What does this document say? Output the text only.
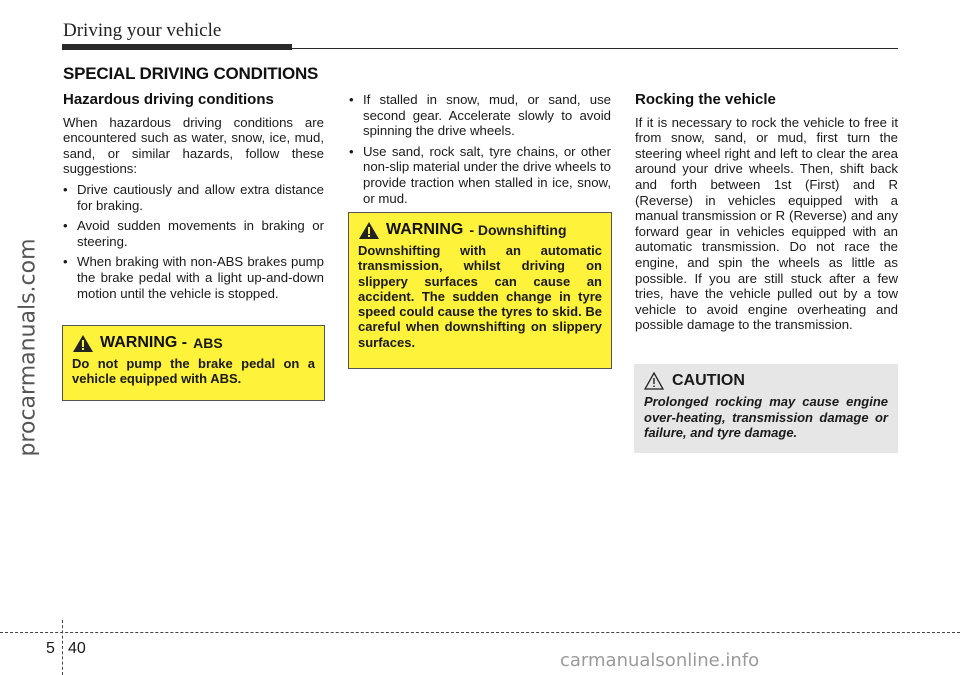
Driving your vehicle
SPECIAL DRIVING CONDITIONS
procarmanuals.com
Hazardous driving conditions

When hazardous driving conditions are encountered such as water, snow, ice, mud, sand, or similar hazards, follow these suggestions:

• Drive cautiously and allow extra distance for braking.
• Avoid sudden movements in braking or steering.
• When braking with non-ABS brakes pump the brake pedal with a light up-and-down motion until the vehicle is stopped.
WARNING - ABS

Do not pump the brake pedal on a vehicle equipped with ABS.

• If stalled in snow, mud, or sand, use second gear. Accelerate slowly to avoid spinning the drive wheels.
• Use sand, rock salt, tyre chains, or other non-slip material under the drive wheels to provide traction when stalled in ice, snow, or mud.
WARNING - Downshifting

Downshifting with an automatic transmission, whilst driving on slippery surfaces can cause an accident. The sudden change in tyre speed could cause the tyres to skid. Be careful when downshifting on slippery surfaces.

Rocking the vehicle

If it is necessary to rock the vehicle to free it from snow, sand, or mud, first turn the steering wheel right and left to clear the area around your drive wheels. Then, shift back and forth between 1st (First) and R (Reverse) in vehicles equipped with a manual transmission or R (Reverse) and any forward gear in vehicles equipped with an automatic transmission. Do not race the engine, and spin the wheels as little as possible. If you are still stuck after a few tries, have the vehicle pulled out by a tow vehicle to avoid engine overheating and possible damage to the transmission.

CAUTION

Prolonged rocking may cause engine over-heating, transmission damage or failure, and tyre damage.

5 40
carmanualsonline.info
